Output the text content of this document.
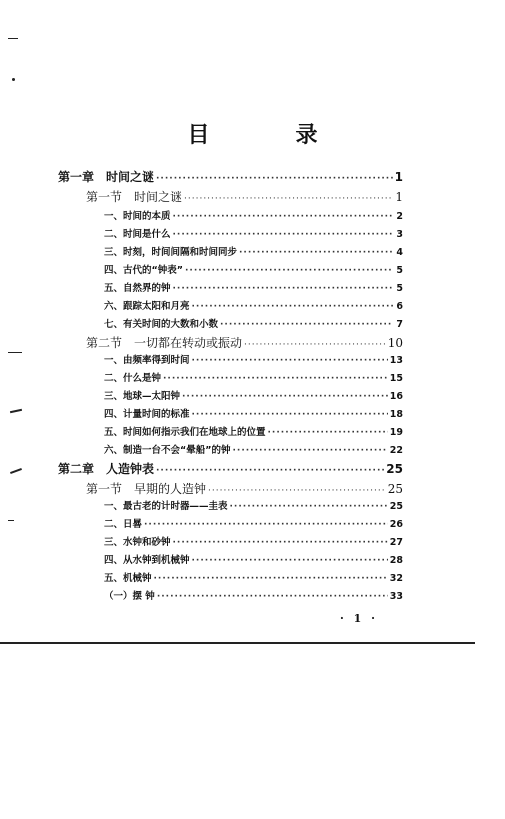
目　录
第一章　时间之谜 ·····	1
第一节　时间之谜 ·····	1
一、时间的本质 ·····	2
二、时间是什么 ·····	3
三、时刻，时间间隔和时间同步 ·····	4
四、古代的“钟表” ·····	5
五、自然界的钟 ·····	5
六、跟踪太阳和月亮 ·····	6
七、有关时间的大数和小数 ·····	7
第二节　一切都在转动或振动 ·····	10
一、由频率得到时间 ·····	13
二、什么是钟 ·····	15
三、地球—太阳钟 ·····	16
四、计量时间的标准 ·····	18
五、时间如何指示我们在地球上的位置 ·····	19
六、制造一台不会“晕船”的钟 ·····	22
第二章　人造钟表 ·····	25
第一节　早期的人造钟 ·····	25
一、最古老的计时器——圭表 ·····	25
二、日晷 ·····	26
三、水钟和砂钟 ·····	27
四、从水钟到机械钟 ·····	28
五、机械钟 ·····	32
（一）摆 钟 ·····	33
· 1 ·
